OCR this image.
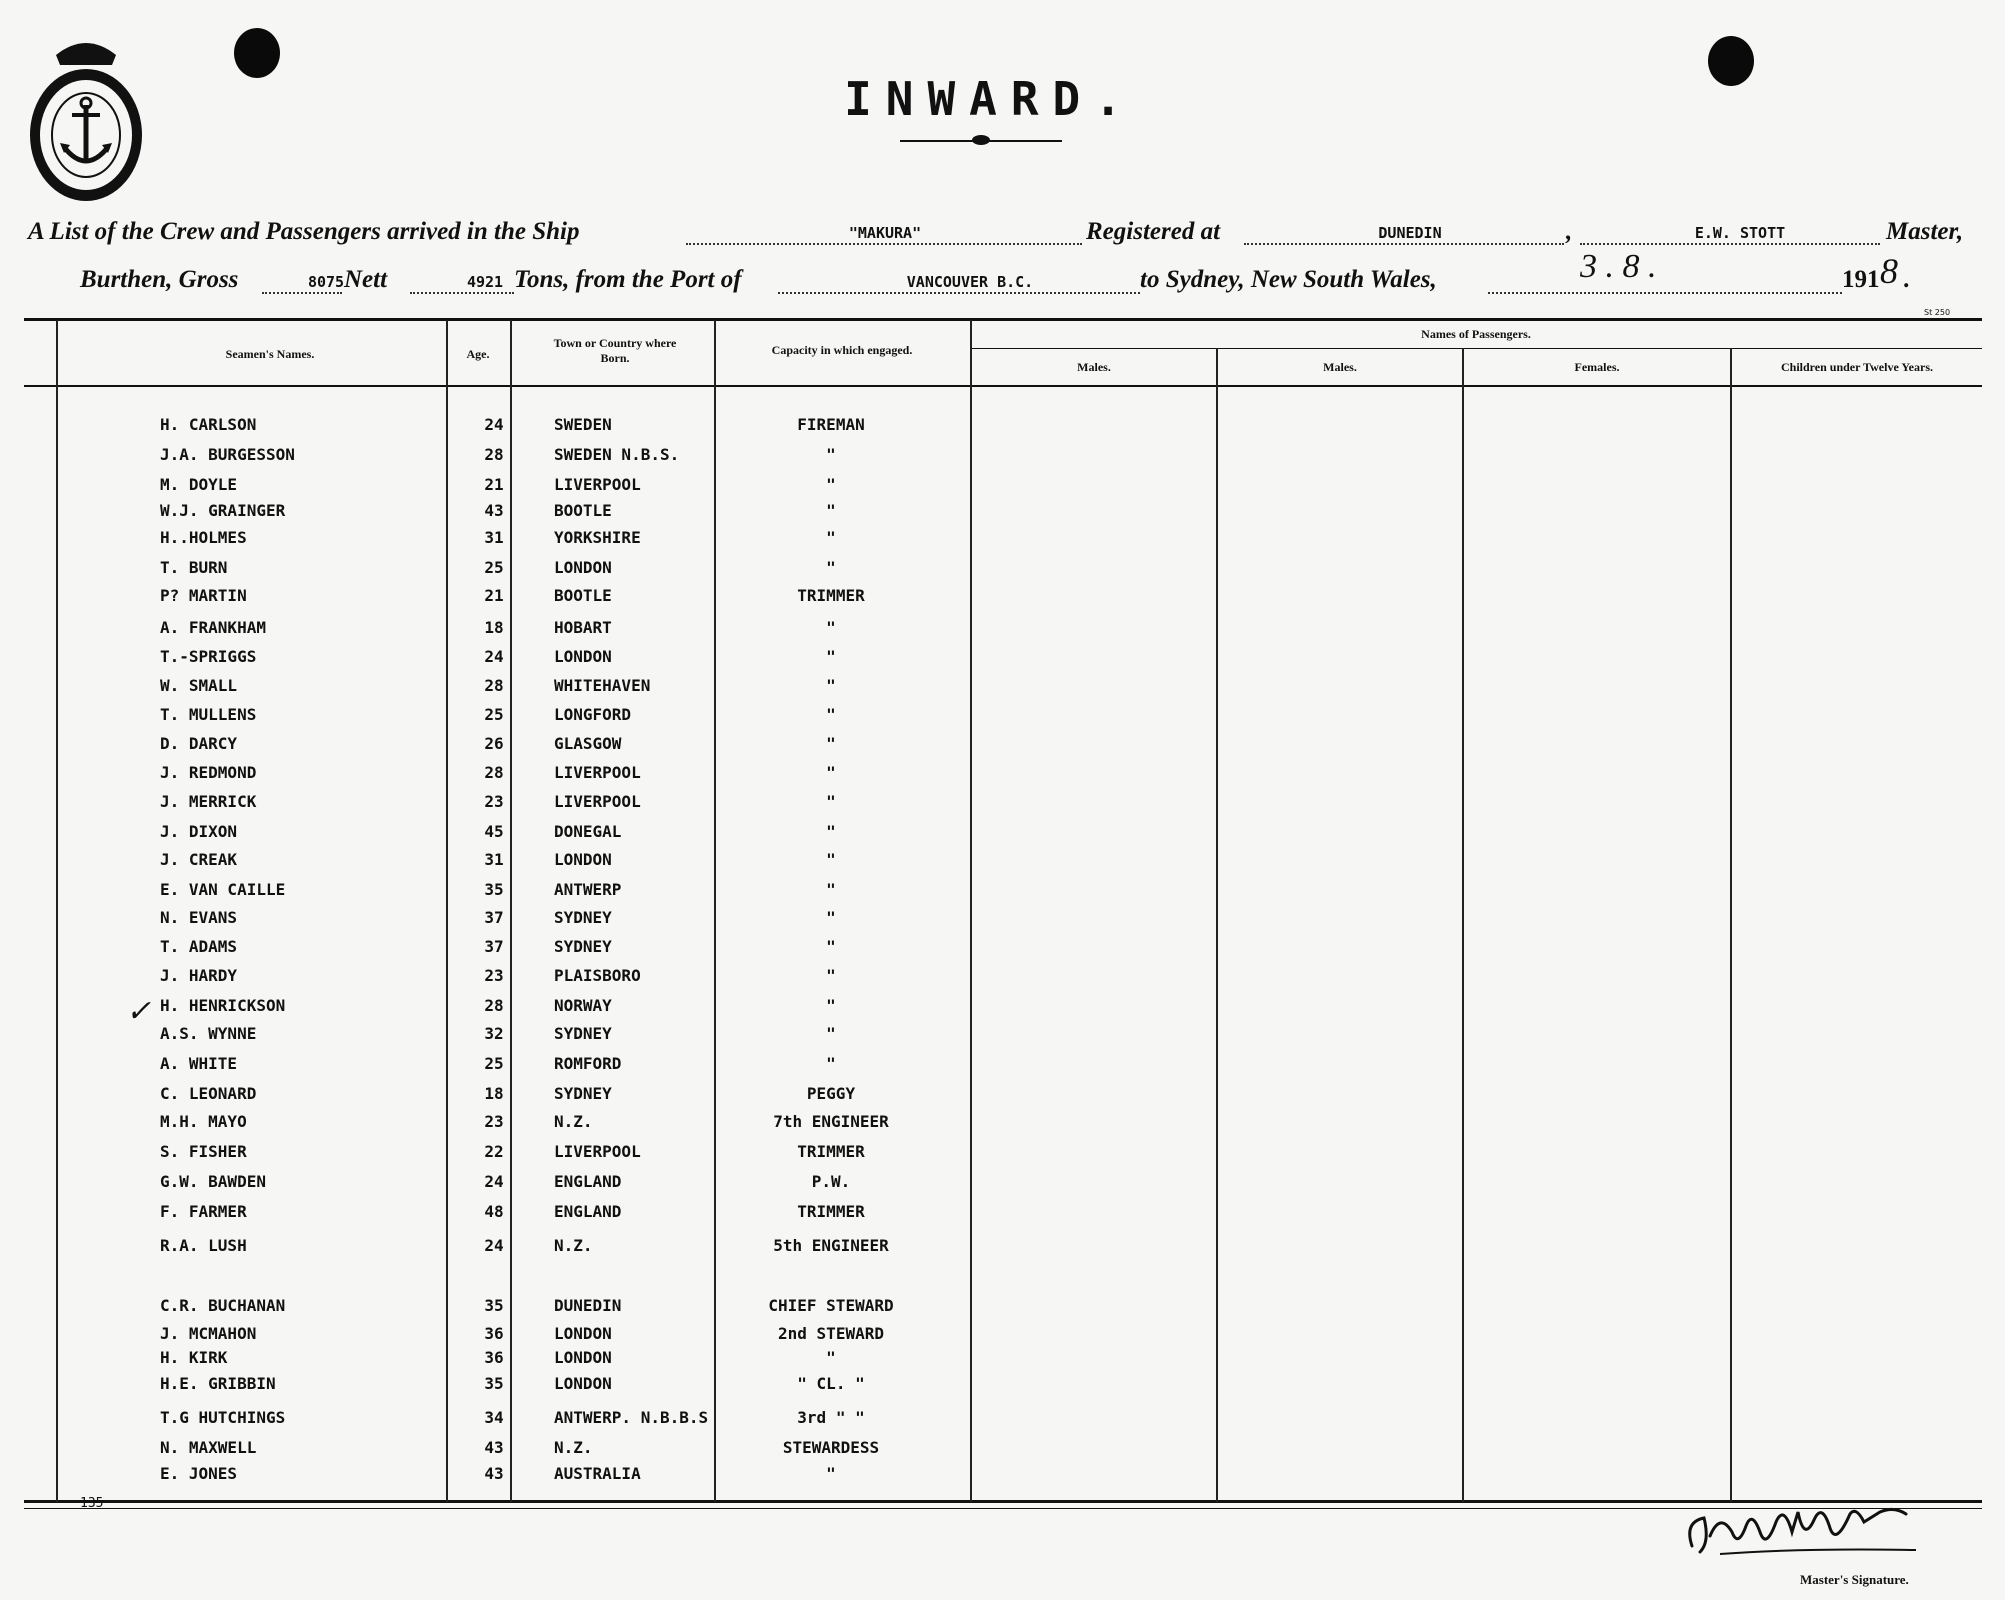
INWARD.
A List of the Crew and Passengers arrived in the Ship	"MAKURA"	Registered at	DUNEDIN	,	E.W. STOTT	Master,
Burthen, Gross	8075 Nett	4921 Tons, from the Port of	VANCOUVER B.C.	to Sydney, New South Wales,	3 . 8 .	191 8 .
St 250
Seamen's Names.	Age.
Town or Country where Born.
Capacity in which engaged.
Names of Passengers.
Males.	Males.	Females.	Children under Twelve Years.
H. CARLSON	24	SWEDEN	FIREMAN
J.A. BURGESSON	28	SWEDEN N.B.S.	"
M. DOYLE	21	LIVERPOOL	"
W.J. GRAINGER	43	BOOTLE	"
H..HOLMES	31	YORKSHIRE	"
T. BURN	25	LONDON	"
P? MARTIN	21	BOOTLE	TRIMMER
A. FRANKHAM	18	HOBART	"
T.-SPRIGGS	24	LONDON	"
W. SMALL	28	WHITEHAVEN	"
T. MULLENS	25	LONGFORD	"
D. DARCY	26	GLASGOW	"
J. REDMOND	28	LIVERPOOL	"
J. MERRICK	23	LIVERPOOL	"
J. DIXON	45	DONEGAL	"
J. CREAK	31	LONDON	"
E. VAN CAILLE	35	ANTWERP	"
N. EVANS	37	SYDNEY	"
T. ADAMS	37	SYDNEY	"
J. HARDY	23	PLAISBORO	"
H. HENRICKSON	28	NORWAY	"
A.S. WYNNE	32	SYDNEY	"
A. WHITE	25	ROMFORD	"
C. LEONARD	18	SYDNEY	PEGGY
M.H. MAYO	23	N.Z.	7th ENGINEER
S. FISHER	22	LIVERPOOL	TRIMMER
G.W. BAWDEN	24	ENGLAND	P.W.
F. FARMER	48	ENGLAND	TRIMMER
R.A. LUSH	24	N.Z.	5th ENGINEER
C.R. BUCHANAN	35	DUNEDIN	CHIEF STEWARD
J. MCMAHON	36	LONDON	2nd STEWARD
H. KIRK	36	LONDON	"
H.E. GRIBBIN	35	LONDON	" CL. "
T.G HUTCHINGS	34	ANTWERP. N.B.B.S	3rd " "
N. MAXWELL	43	N.Z.	STEWARDESS
E. JONES	43	AUSTRALIA	"
✓
135
Master's Signature.
